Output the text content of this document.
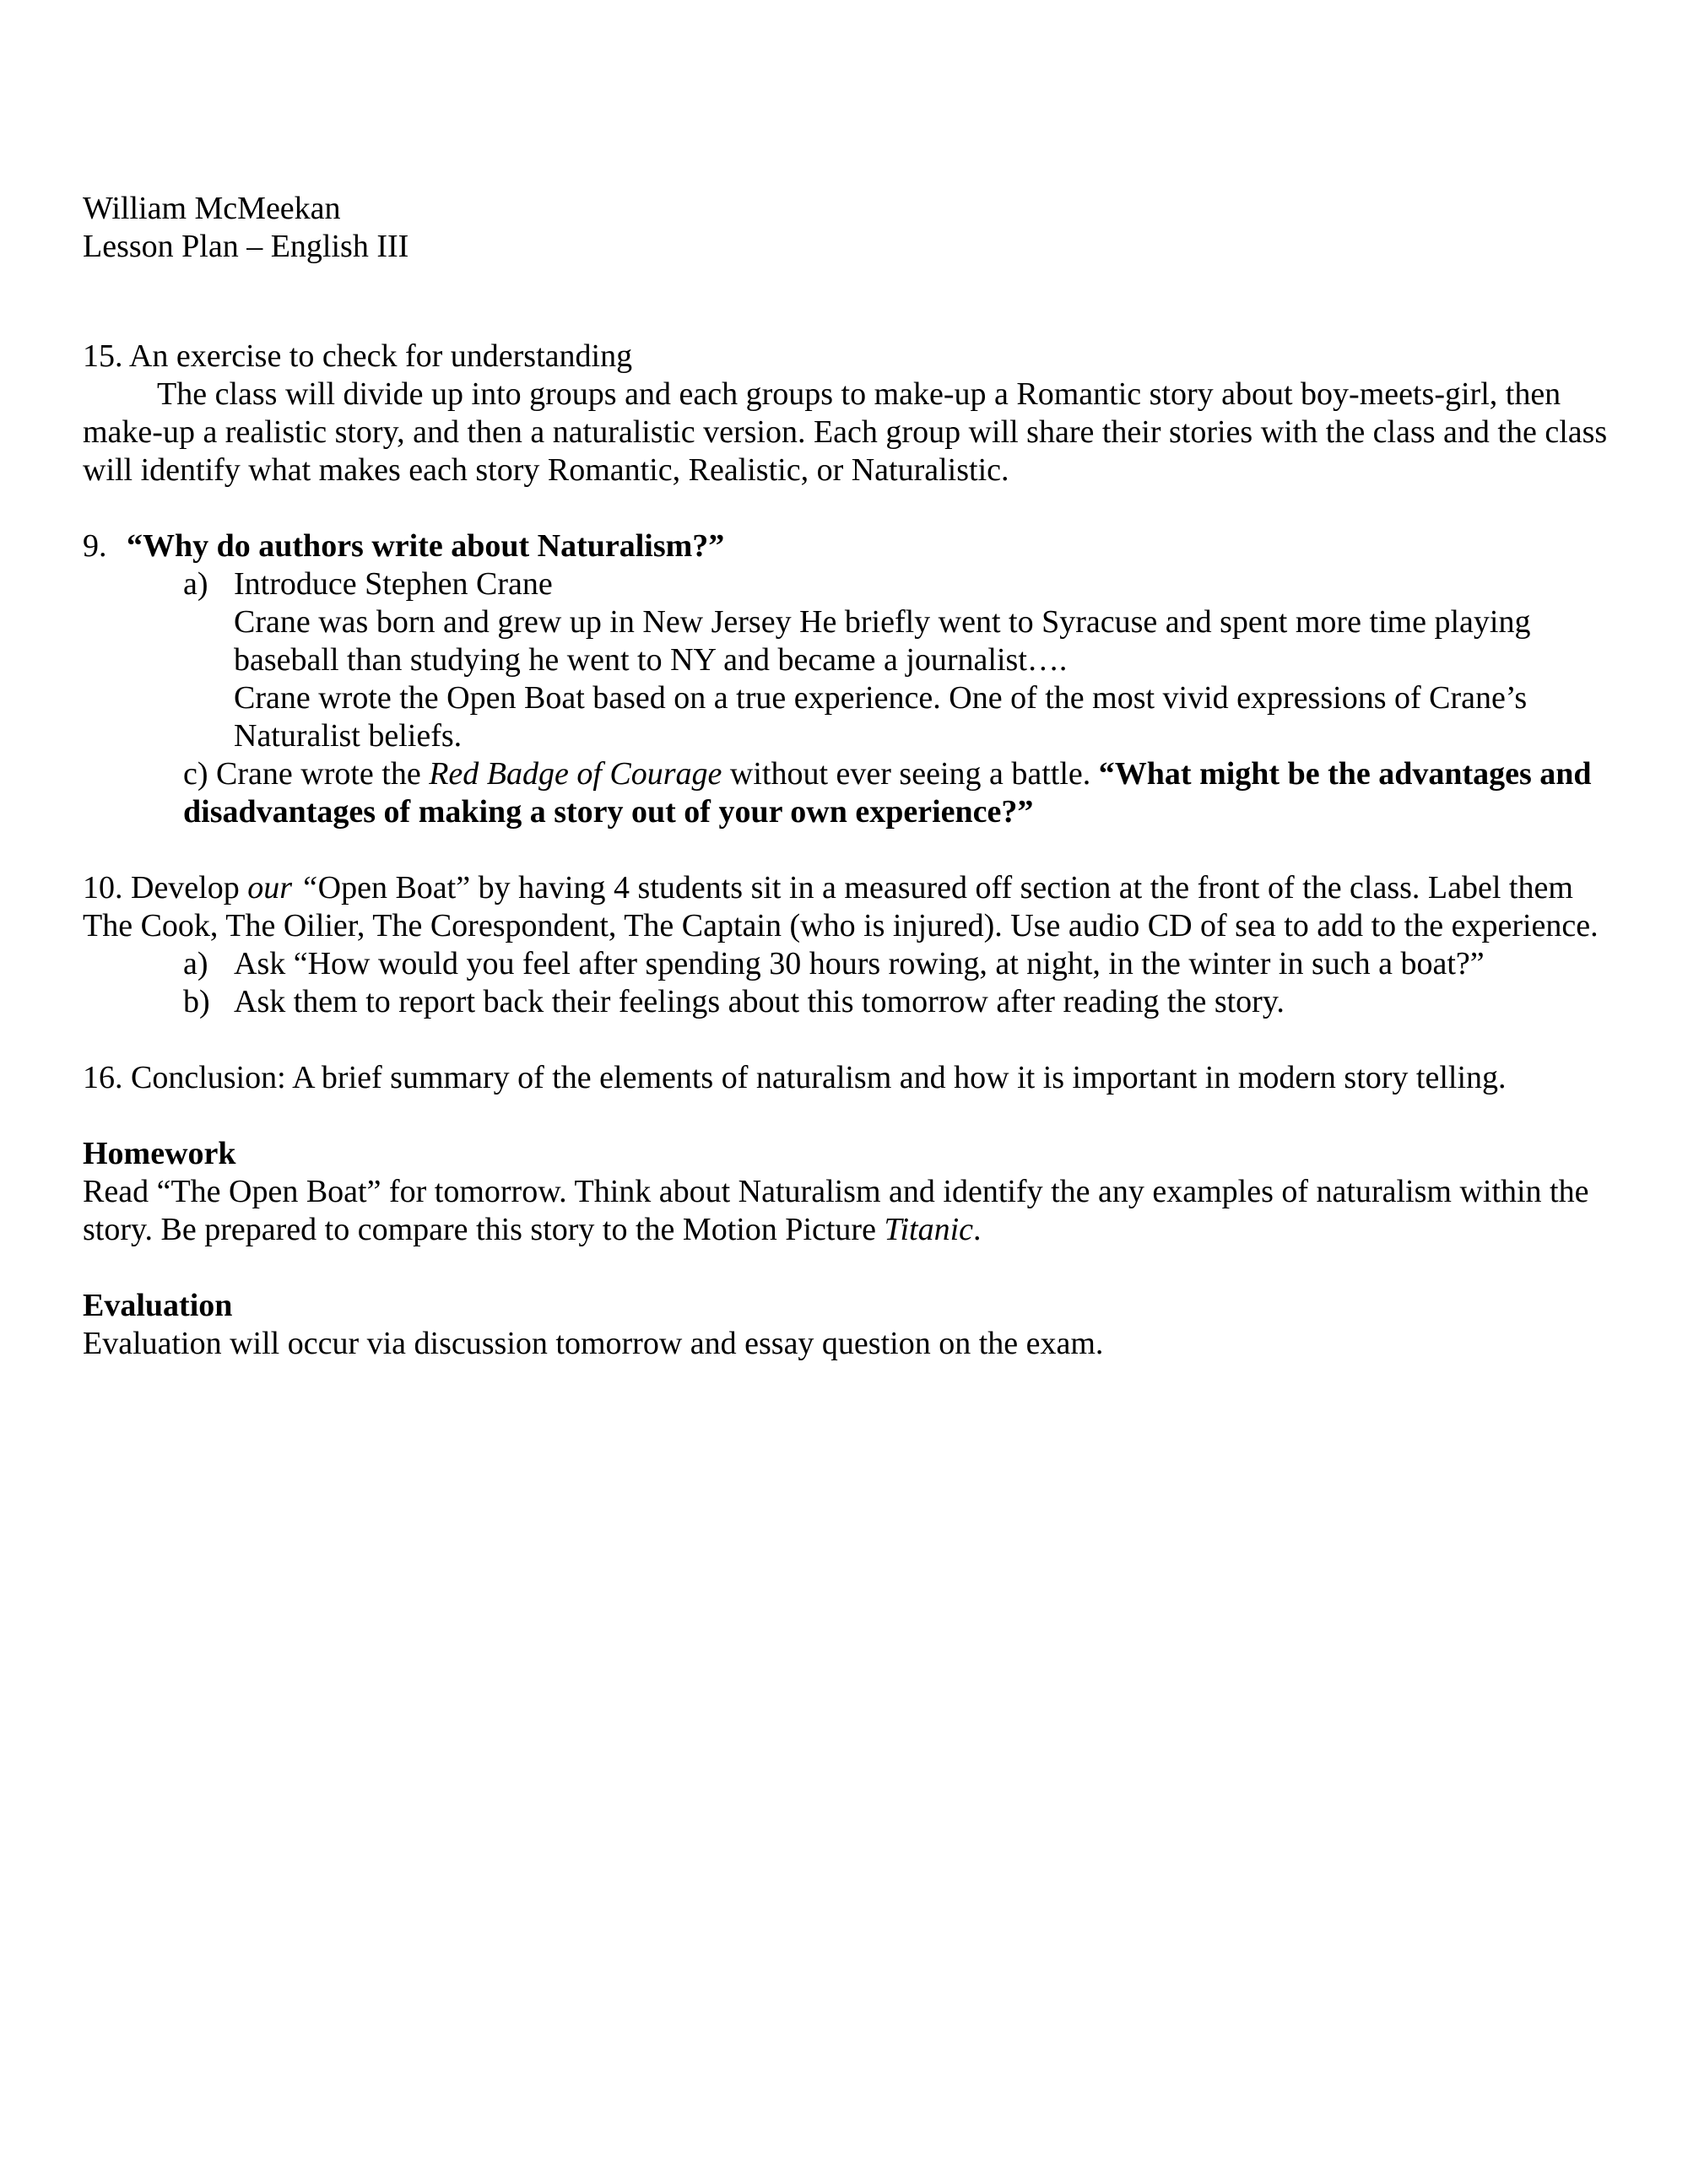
William McMeekan

Lesson Plan – English III

15. An exercise to check for understanding

The class will divide up into groups and each groups to make-up a Romantic story about boy-meets-girl, then make-up a realistic story, and then a naturalistic version. Each group will share their stories with the class and the class will identify what makes each story Romantic, Realistic, or Naturalistic.

9. “Why do authors write about Naturalism?”

a) Introduce Stephen Crane

Crane was born and grew up in New Jersey He briefly went to Syracuse and spent more time playing baseball than studying he went to NY and became a journalist….

Crane wrote the Open Boat based on a true experience. One of the most vivid expressions of Crane’s Naturalist beliefs.

c) Crane wrote the Red Badge of Courage without ever seeing a battle. “What might be the advantages and disadvantages of making a story out of your own experience?”

10. Develop our “Open Boat” by having 4 students sit in a measured off section at the front of the class. Label them The Cook, The Oilier, The Corespondent, The Captain (who is injured). Use audio CD of sea to add to the experience.

a) Ask “How would you feel after spending 30 hours rowing, at night, in the winter in such a boat?”
b) Ask them to report back their feelings about this tomorrow after reading the story.

16. Conclusion: A brief summary of the elements of naturalism and how it is important in modern story telling.

Homework

Read “The Open Boat” for tomorrow. Think about Naturalism and identify the any examples of naturalism within the story. Be prepared to compare this story to the Motion Picture Titanic.

Evaluation

Evaluation will occur via discussion tomorrow and essay question on the exam.
